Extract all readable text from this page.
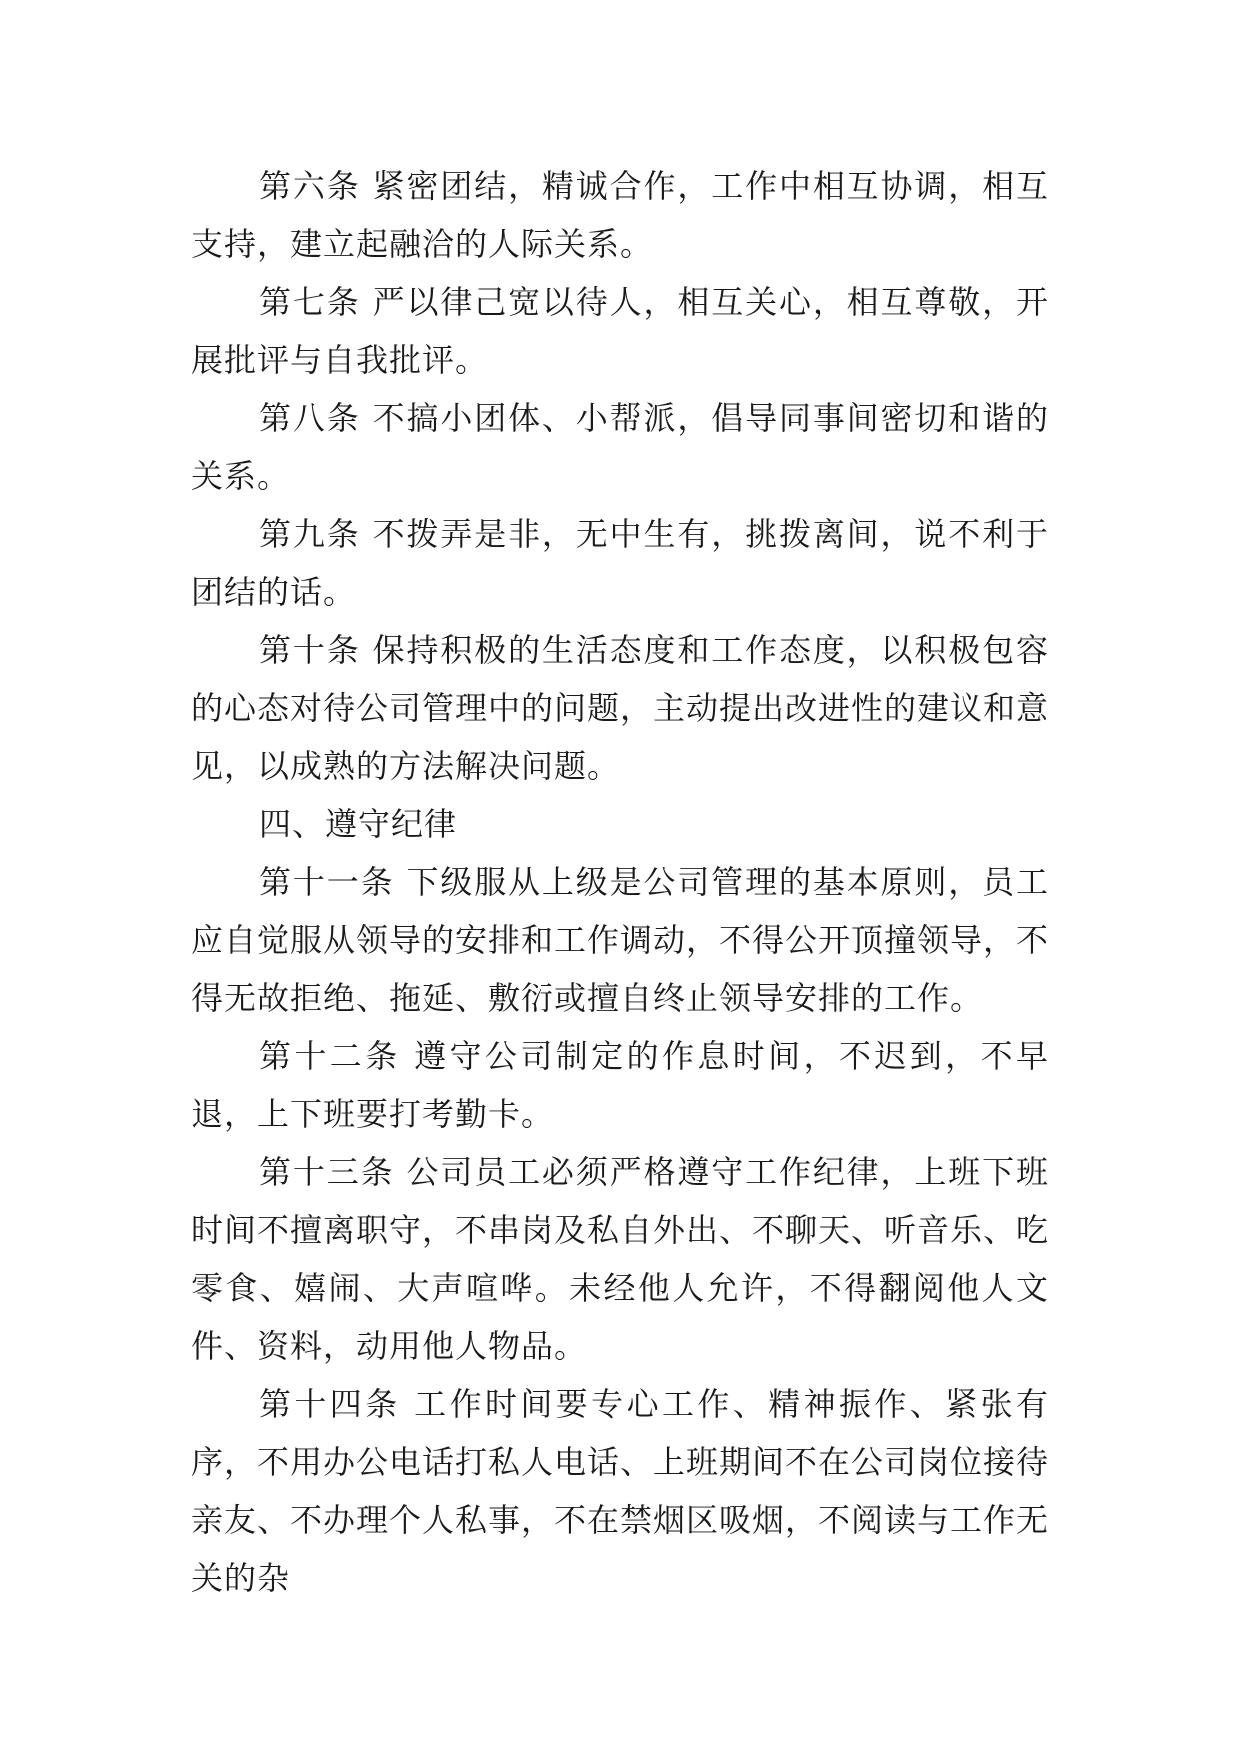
第六条 紧密团结，精诚合作，工作中相互协调，相互支持，建立起融洽的人际关系。

第七条 严以律己宽以待人，相互关心，相互尊敬，开展批评与自我批评。

第八条 不搞小团体、小帮派，倡导同事间密切和谐的关系。

第九条 不拨弄是非，无中生有，挑拨离间，说不利于团结的话。

第十条 保持积极的生活态度和工作态度，以积极包容的心态对待公司管理中的问题，主动提出改进性的建议和意见，以成熟的方法解决问题。

四、遵守纪律

第十一条 下级服从上级是公司管理的基本原则，员工应自觉服从领导的安排和工作调动，不得公开顶撞领导，不得无故拒绝、拖延、敷衍或擅自终止领导安排的工作。

第十二条 遵守公司制定的作息时间，不迟到，不早退，上下班要打考勤卡。

第十三条 公司员工必须严格遵守工作纪律，上班下班时间不擅离职守，不串岗及私自外出、不聊天、听音乐、吃零食、嬉闹、大声喧哗。未经他人允许，不得翻阅他人文件、资料，动用他人物品。

第十四条 工作时间要专心工作、精神振作、紧张有序，不用办公电话打私人电话、上班期间不在公司岗位接待亲友、不办理个人私事，不在禁烟区吸烟，不阅读与工作无关的杂
